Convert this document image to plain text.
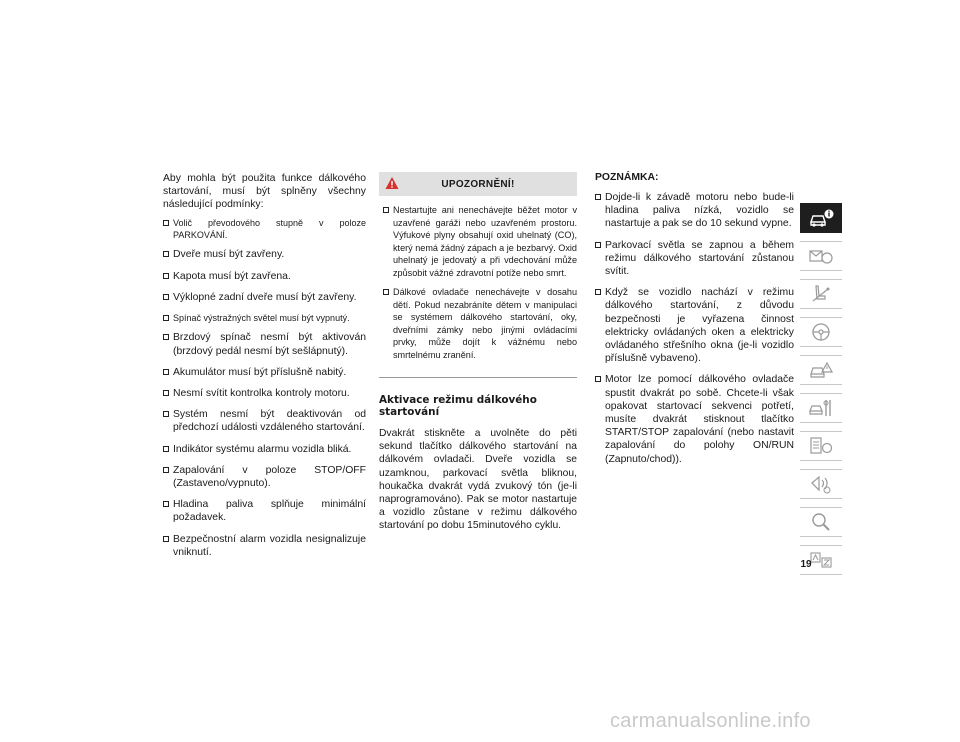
Aby mohla být použita funkce dálkového startování, musí být splněny všechny následující podmínky:

Volič převodového stupně v poloze PARKOVÁNÍ.
Dveře musí být zavřeny.
Kapota musí být zavřena.
Výklopné zadní dveře musí být zavřeny.
Spínač výstražných světel musí být vypnutý.
Brzdový spínač nesmí být aktivován (brzdový pedál nesmí být sešlápnutý).
Akumulátor musí být příslušně nabitý.
Nesmí svítit kontrolka kontroly motoru.
Systém nesmí být deaktivován od předchozí události vzdáleného startování.
Indikátor systému alarmu vozidla bliká.
Zapalování v poloze STOP/OFF (Zastaveno/vypnuto).
Hladina paliva splňuje minimální požadavek.
Bezpečnostní alarm vozidla nesignalizuje vniknutí.
UPOZORNĚNÍ!
Nestartujte ani nenechávejte běžet motor v uzavřené garáži nebo uzavřeném prostoru. Výfukové plyny obsahují oxid uhelnatý (CO), který nemá žádný zápach a je bezbarvý. Oxid uhelnatý je jedovatý a při vdechování může způsobit vážné zdravotní potíže nebo smrt.
Dálkové ovladače nenechávejte v dosahu dětí. Pokud nezabráníte dětem v manipulaci se systémem dálkového startování, oky, dveřními zámky nebo jinými ovládacími prvky, může dojít k vážnému nebo smrtelnému zranění.
Aktivace režimu dálkového startování

Dvakrát stiskněte a uvolněte do pěti sekund tlačítko dálkového startování na dálkovém ovladači. Dveře vozidla se uzamknou, parkovací světla bliknou, houkačka dvakrát vydá zvukový tón (je-li naprogramováno). Pak se motor nastartuje a vozidlo zůstane v režimu dálkového startování po dobu 15minutového cyklu.

POZNÁMKA:
Dojde-li k závadě motoru nebo bude-li hladina paliva nízká, vozidlo se nastartuje a pak se do 10 sekund vypne.
Parkovací světla se zapnou a během režimu dálkového startování zůstanou svítit.
Když se vozidlo nachází v režimu dálkového startování, z důvodu bezpečnosti je vyřazena činnost elektricky ovládaných oken a elektricky ovládaného střešního okna (je-li vozidlo příslušně vybaveno).
Motor lze pomocí dálkového ovladače spustit dvakrát po sobě. Chcete-li však opakovat startovací sekvenci potřetí, musíte dvakrát stisknout tlačítko START/STOP zapalování (nebo nastavit zapalování do polohy ON/RUN (Zapnuto/chod)).
19
carmanualsonline.info
